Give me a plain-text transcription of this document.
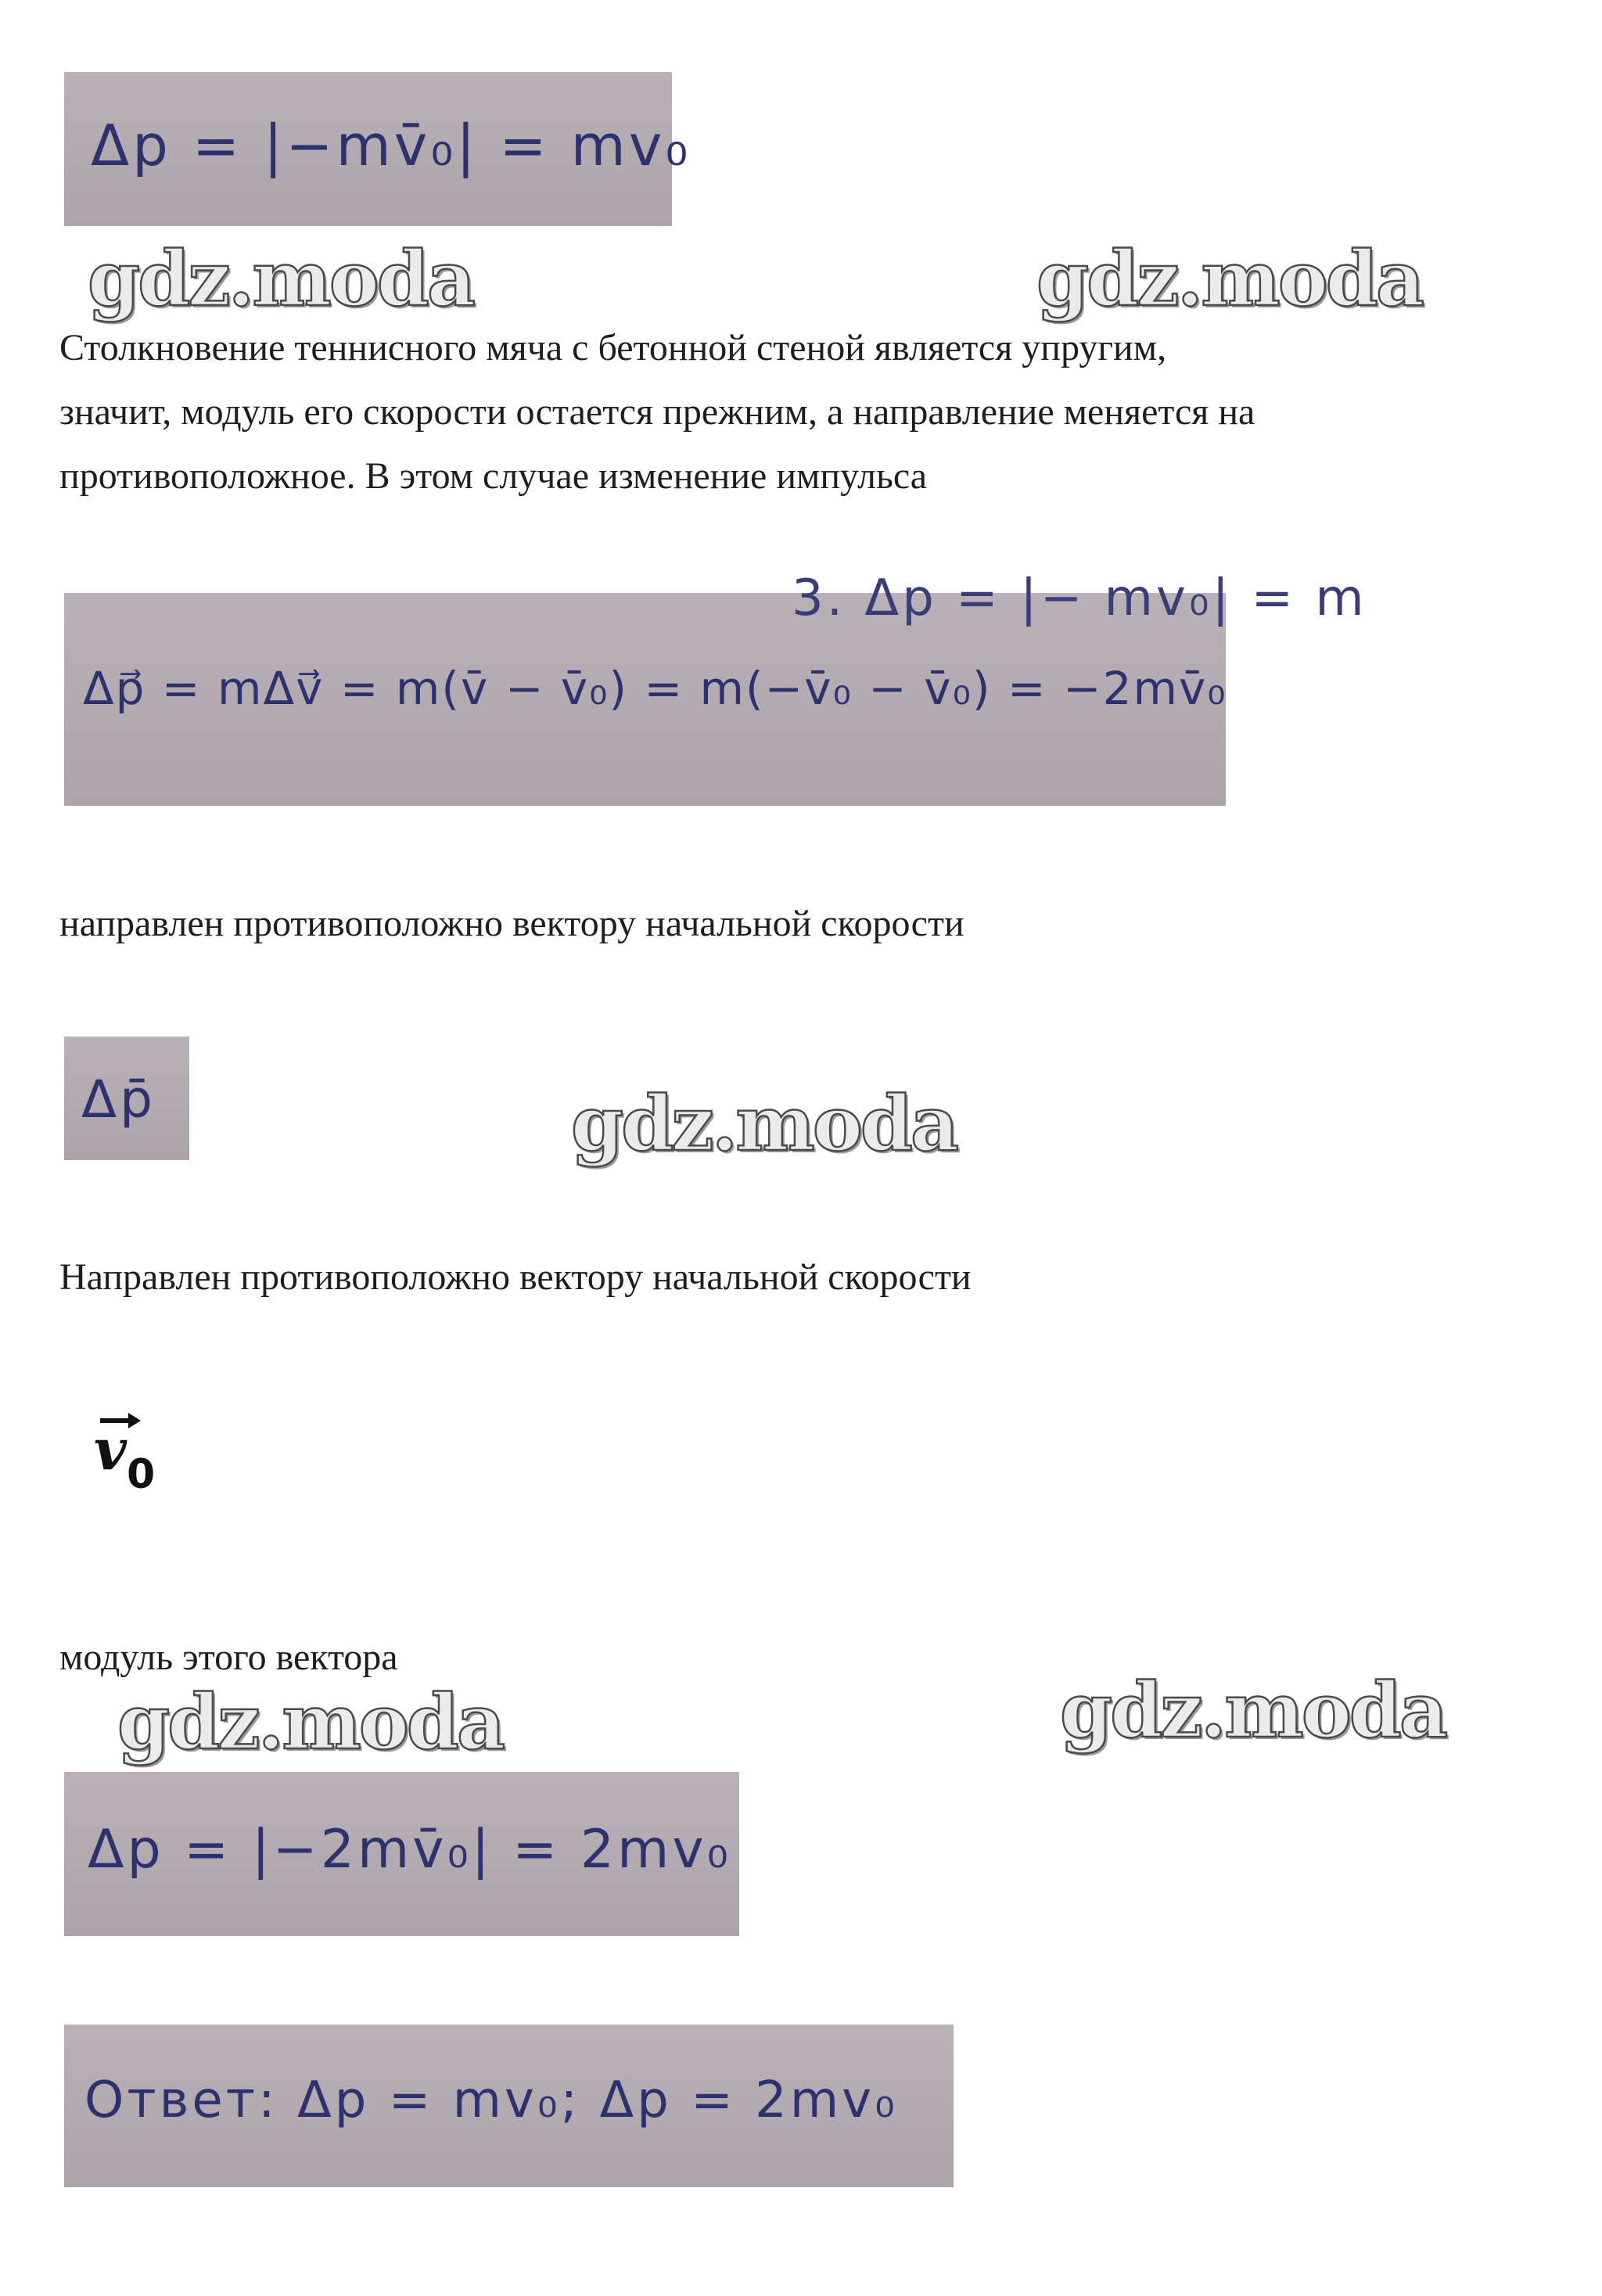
Δp = |−mv̄₀| = mv₀
gdz.moda	gdz.moda

Столкновение теннисного мяча с бетонной стеной является упругим,

значит, модуль его скорости остается прежним, а направление меняется на

противоположное. В этом случае изменение импульса

3. Δp = |− mv₀| = m
Δp⃗ = mΔv⃗ = m(v̄ − v̄₀) = m(−v̄₀ − v̄₀) = −2mv̄₀

направлен противоположно вектору начальной скорости

Δp̄	gdz.moda

Направлен противоположно вектору начальной скорости

v 0

модуль этого вектора

gdz.moda	gdz.moda
Δp = |−2mv̄₀| = 2mv₀
Ответ: Δp = mv₀; Δp = 2mv₀
